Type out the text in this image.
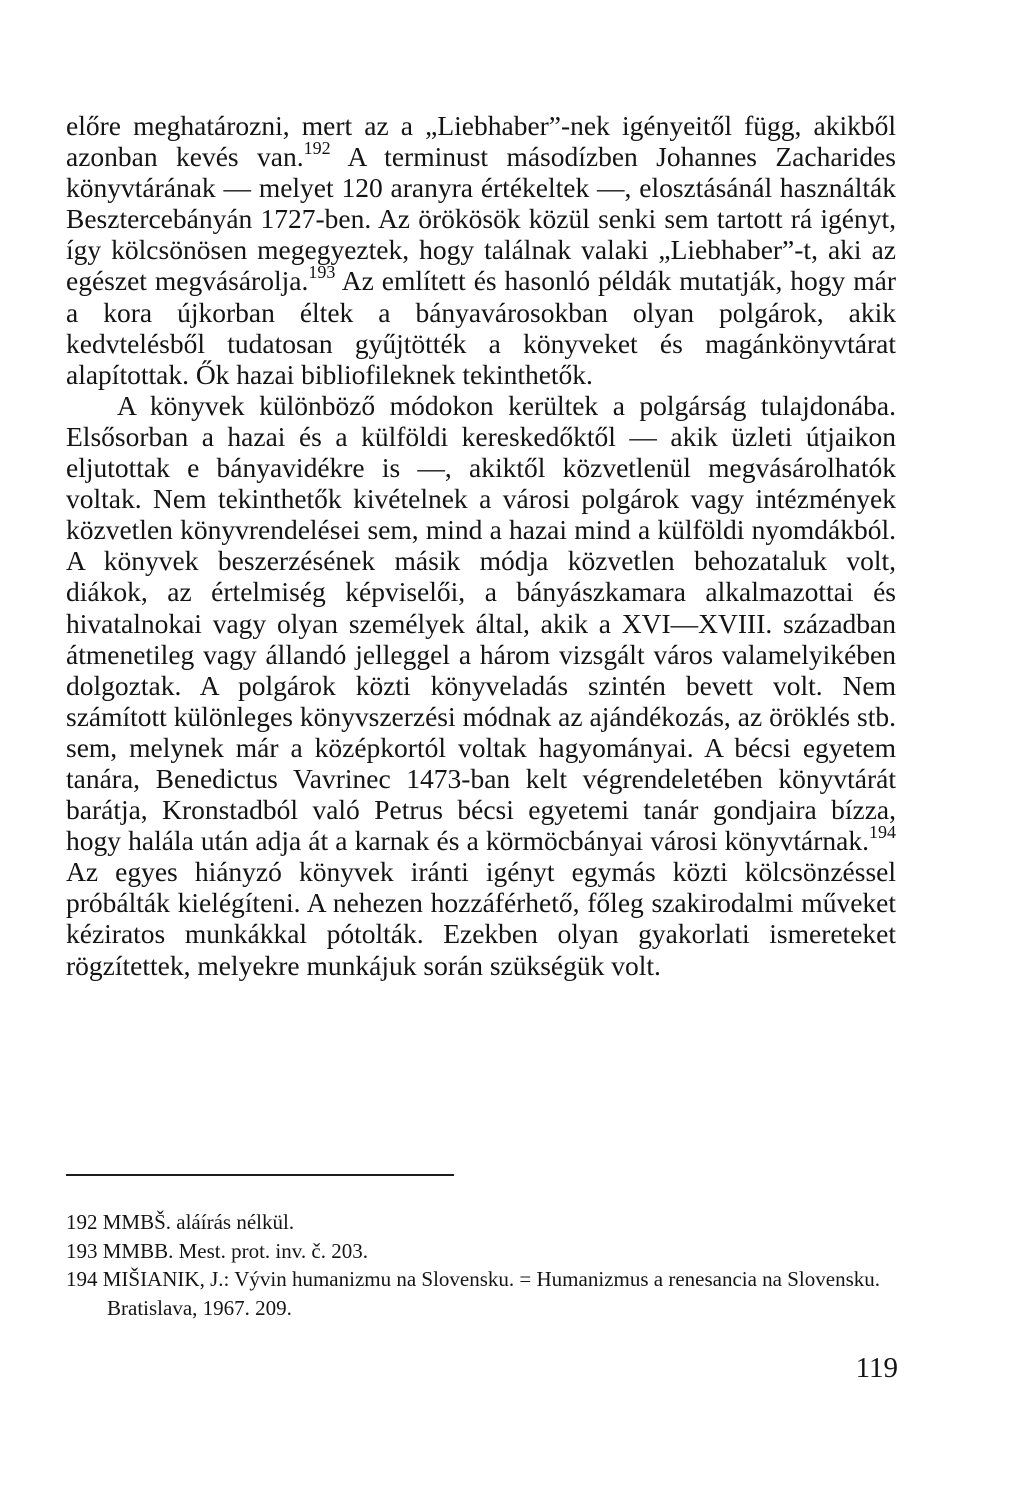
előre meghatározni, mert az a „Liebhaber”-nek igényeitől függ, akikből azonban kevés van.$^{192}$ A terminust másodízben Johannes Zacharides könyvtárának — melyet 120 aranyra értékeltek —, elosztásánál használták Besztercebányán 1727-ben. Az örökösök közül senki sem tartott rá igényt, így kölcsönösen megegyeztek, hogy találnak valaki „Liebhaber”-t, aki az egészet megvásárolja.$^{193}$ Az említett és hasonló példák mutatják, hogy már a kora újkorban éltek a bányavárosokban olyan polgárok, akik kedvtelésből tudatosan gyűjtötték a könyveket és magánkönyvtárat alapítottak. Ők hazai bibliofileknek tekinthetők.

A könyvek különböző módokon kerültek a polgárság tulajdonába. Elsősorban a hazai és a külföldi kereskedőktől — akik üzleti útjaikon eljutottak e bányavidékre is —, akiktől közvetlenül megvásárolhatók voltak. Nem tekinthetők kivételnek a városi polgárok vagy intézmények közvetlen könyvrendelései sem, mind a hazai mind a külföldi nyomdákból. A könyvek beszerzésének másik módja közvetlen behozataluk volt, diákok, az értelmiség képviselői, a bányászkamara alkalmazottai és hivatalnokai vagy olyan személyek által, akik a XVI—XVIII. században átmenetileg vagy állandó jelleggel a három vizsgált város valamelyikében dolgoztak. A polgárok közti könyveladás szintén bevett volt. Nem számított különleges könyvszerzési módnak az ajándékozás, az öröklés stb. sem, melynek már a középkortól voltak hagyományai. A bécsi egyetem tanára, Benedictus Vavrinec 1473-ban kelt végrendeletében könyvtárát barátja, Kronstadból való Petrus bécsi egyetemi tanár gondjaira bízza, hogy halála után adja át a karnak és a körmöcbányai városi könyvtárnak.$^{194}$ Az egyes hiányzó könyvek iránti igényt egymás közti kölcsönzéssel próbálták kielégíteni. A nehezen hozzáférhető, főleg szakirodalmi műveket kéziratos munkákkal pótolták. Ezekben olyan gyakorlati ismereteket rögzítettek, melyekre munkájuk során szükségük volt.

192 MMBŠ. aláírás nélkül.

193 MMBB. Mest. prot. inv. č. 203.

194 MIŠIANIK, J.: Vývin humanizmu na Slovensku. = Humanizmus a renesancia na Slovensku. Bratislava, 1967. 209.

119
